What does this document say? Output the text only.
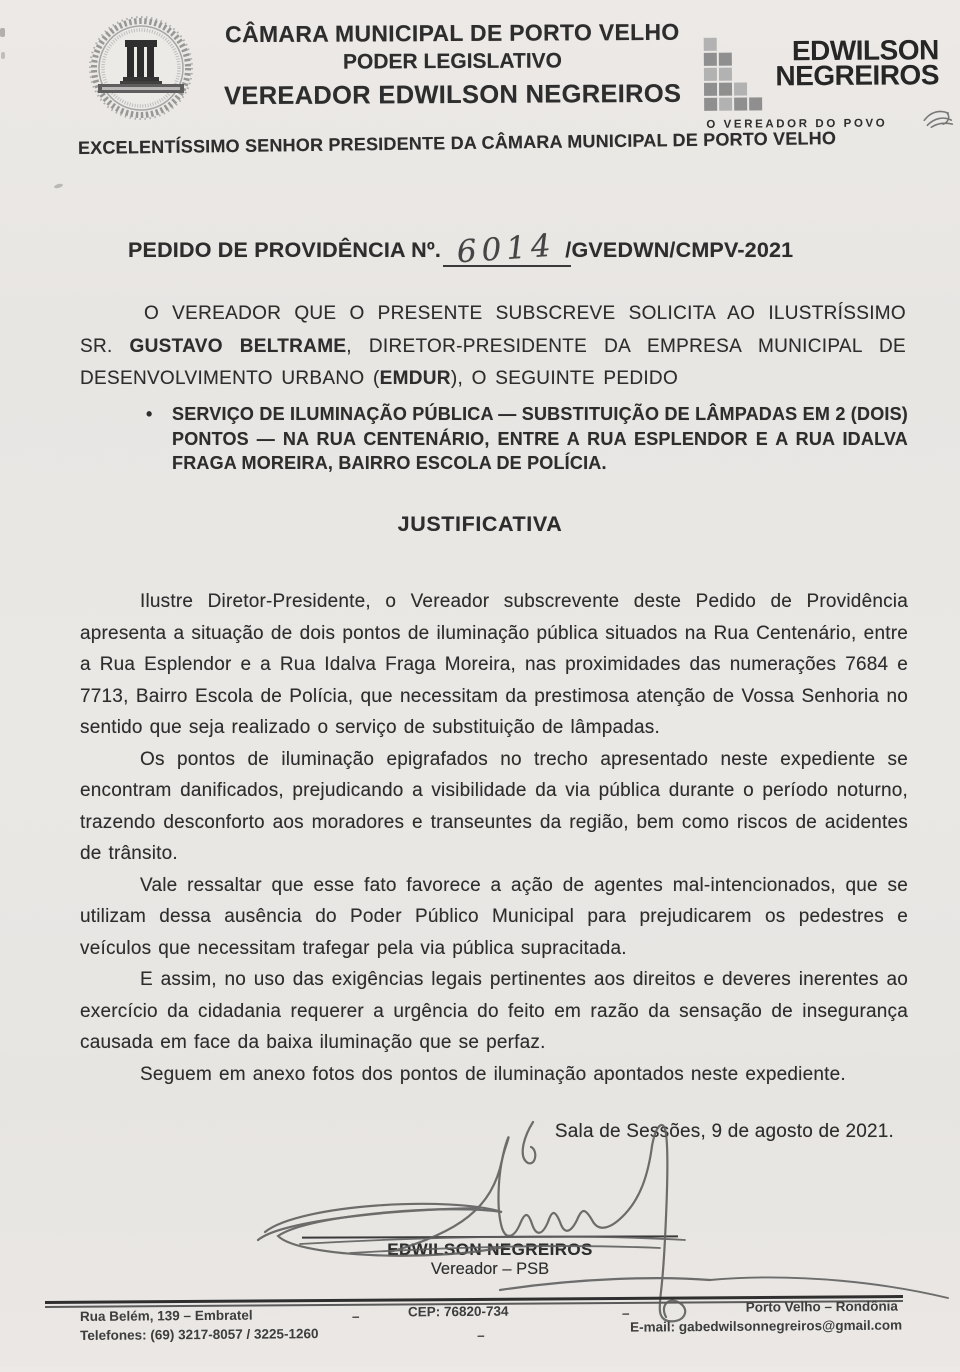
CÂMARA MUNICIPAL DE PORTO VELHO
PODER LEGISLATIVO
VEREADOR EDWILSON NEGREIROS
EDWILSON
NEGREIROS
O VEREADOR DO POVO
EXCELENTÍSSIMO SENHOR PRESIDENTE DA CÂMARA MUNICIPAL DE PORTO VELHO
PEDIDO DE PROVIDÊNCIA Nº. 6014 /GVEDWN/CMPV-2021
O VEREADOR QUE O PRESENTE SUBSCREVE SOLICITA AO ILUSTRÍSSIMO SR. GUSTAVO BELTRAME, DIRETOR-PRESIDENTE DA EMPRESA MUNICIPAL DE DESENVOLVIMENTO URBANO (EMDUR), O SEGUINTE PEDIDO
•	SERVIÇO DE ILUMINAÇÃO PÚBLICA — SUBSTITUIÇÃO DE LÂMPADAS EM 2 (DOIS) PONTOS — NA RUA CENTENÁRIO, ENTRE A RUA ESPLENDOR E A RUA IDALVA FRAGA MOREIRA, BAIRRO ESCOLA DE POLÍCIA.
JUSTIFICATIVA

Ilustre Diretor-Presidente, o Vereador subscrevente deste Pedido de Providência apresenta a situação de dois pontos de iluminação pública situados na Rua Centenário, entre a Rua Esplendor e a Rua Idalva Fraga Moreira, nas proximidades das numerações 7684 e 7713, Bairro Escola de Polícia, que necessitam da prestimosa atenção de Vossa Senhoria no sentido que seja realizado o serviço de substituição de lâmpadas.

Os pontos de iluminação epigrafados no trecho apresentado neste expediente se encontram danificados, prejudicando a visibilidade da via pública durante o período noturno, trazendo desconforto aos moradores e transeuntes da região, bem como riscos de acidentes de trânsito.

Vale ressaltar que esse fato favorece a ação de agentes mal-intencionados, que se utilizam dessa ausência do Poder Público Municipal para prejudicarem os pedestres e veículos que necessitam trafegar pela via pública supracitada.

E assim, no uso das exigências legais pertinentes aos direitos e deveres inerentes ao exercício da cidadania requerer a urgência do feito em razão da sensação de insegurança causada em face da baixa iluminação que se perfaz.

Seguem em anexo fotos dos pontos de iluminação apontados neste expediente.

Sala de Sessões, 9 de agosto de 2021.
EDWILSON NEGREIROS
Vereador – PSB
Rua Belém, 139 – Embratel	–	CEP: 76820-734	–	Porto Velho – Rondônia
Telefones: (69) 3217-8057 / 3225-1260	–
E-mail: gabedwilsonnegreiros@gmail.com
